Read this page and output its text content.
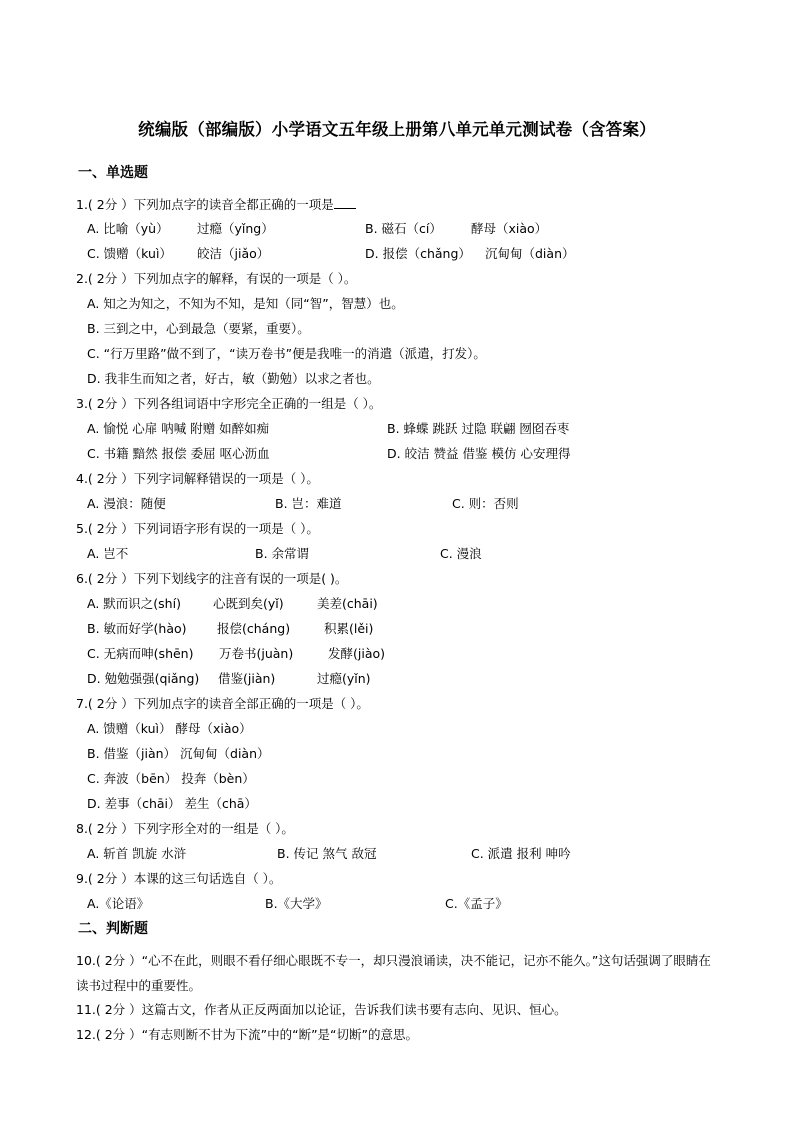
统编版（部编版）小学语文五年级上册第八单元单元测试卷（含答案）
一、单选题
1.( 2分 ）下列加点字的读音全都正确的一项是
A. 比喻（yù） 过瘾（yǐng）	B. 磁石（cí） 酵母（xiào）
C. 馈赠（kuì） 皎洁（jiǎo）	D. 报偿（chǎng） 沉甸甸（diàn）
2.( 2分 ）下列加点字的解释，有误的一项是（ ）。
A. 知之为知之，不知为不知，是知（同“智”，智慧）也。
B. 三到之中，心到最急（要紧，重要）。
C. “行万里路”做不到了，“读万卷书”便是我唯一的消遣（派遣，打发）。
D. 我非生而知之者，好古，敏（勤勉）以求之者也。
3.( 2分 ）下列各组词语中字形完全正确的一组是（ ）。
A. 愉悦 心扉 呐喊 附赠 如醉如痴	B. 蜂蝶 跳跃 过隐 联翩 囫囵吞枣
C. 书籍 黯然 报偿 委屈 呕心沥血	D. 皎洁 赞益 借鉴 模仿 心安理得
4.( 2分 ）下列字词解释错误的一项是（ ）。
A. 漫浪：随便	B. 岂：难道	C. 则：否则
5.( 2分 ）下列词语字形有误的一项是（ ）。
A. 岂不	B. 余常谓	C. 漫浪
6.( 2分 ）下列下划线字的注音有误的一项是( )。
A. 默而识之(shí)	心既到矣(yǐ)	美差(chāi)
B. 敏而好学(hào) 报偿(cháng)	积累(lěi)
C. 无病而呻(shēn) 万卷书(juàn)	发酵(jiào)
D. 勉勉强强(qiǎng) 借鉴(jiàn)	过瘾(yǐn)
7.( 2分 ）下列加点字的读音全部正确的一项是（ ）。
A. 馈赠（kuì） 酵母（xiào）
B. 借鉴（jiàn） 沉甸甸（diàn）
C. 奔波（bēn） 投奔（bèn）
D. 差事（chāi） 差生（chā）
8.( 2分 ）下列字形全对的一组是（ ）。
A. 斩首 凯旋 水浒	B. 传记 煞气 敌冠	C. 派遣 报利 呻吟
9.( 2分 ）本课的这三句话选自（ ）。
A.《论语》	B.《大学》	C.《孟子》
二、判断题
10.( 2分 ）“心不在此，则眼不看仔细心眼既不专一，却只漫浪诵读，决不能记，记亦不能久。”这句话强调了眼睛在读书过程中的重要性。
11.( 2分 ）这篇古文，作者从正反两面加以论证，告诉我们读书要有志向、见识、恒心。
12.( 2分 ）“有志则断不甘为下流”中的“断”是“切断”的意思。
